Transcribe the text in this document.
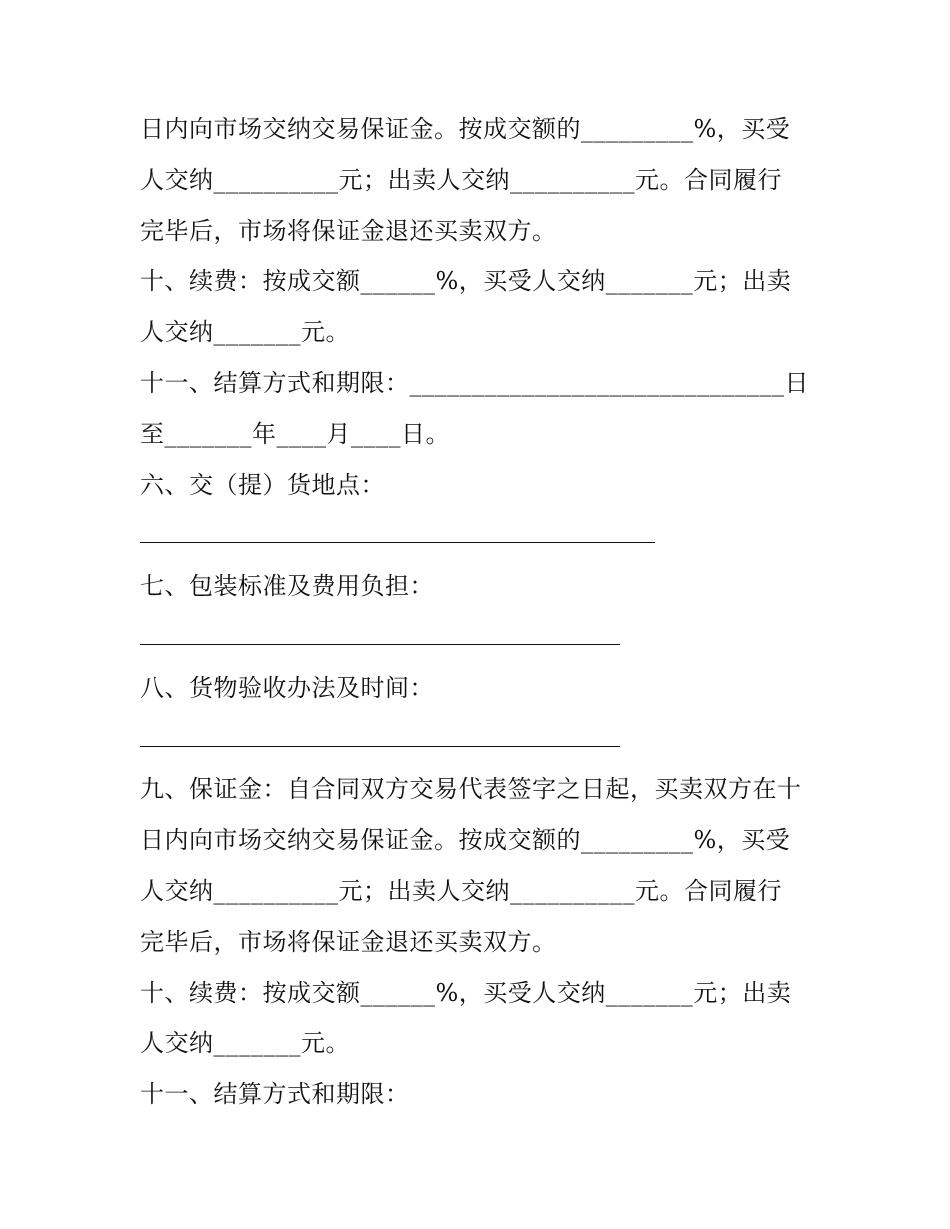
日内向市场交纳交易保证金。按成交额的_________%，买受
人交纳__________元；出卖人交纳__________元。合同履行
完毕后，市场将保证金退还买卖双方。
十、续费：按成交额______%，买受人交纳_______元；出卖
人交纳_______元。
十一、结算方式和期限：______________________________日
至_______年____月____日。
六、交（提）货地点：
七、包装标准及费用负担：
八、货物验收办法及时间：
九、保证金：自合同双方交易代表签字之日起，买卖双方在十
日内向市场交纳交易保证金。按成交额的_________%，买受
人交纳__________元；出卖人交纳__________元。合同履行
完毕后，市场将保证金退还买卖双方。
十、续费：按成交额______%，买受人交纳_______元；出卖
人交纳_______元。
十一、结算方式和期限：
